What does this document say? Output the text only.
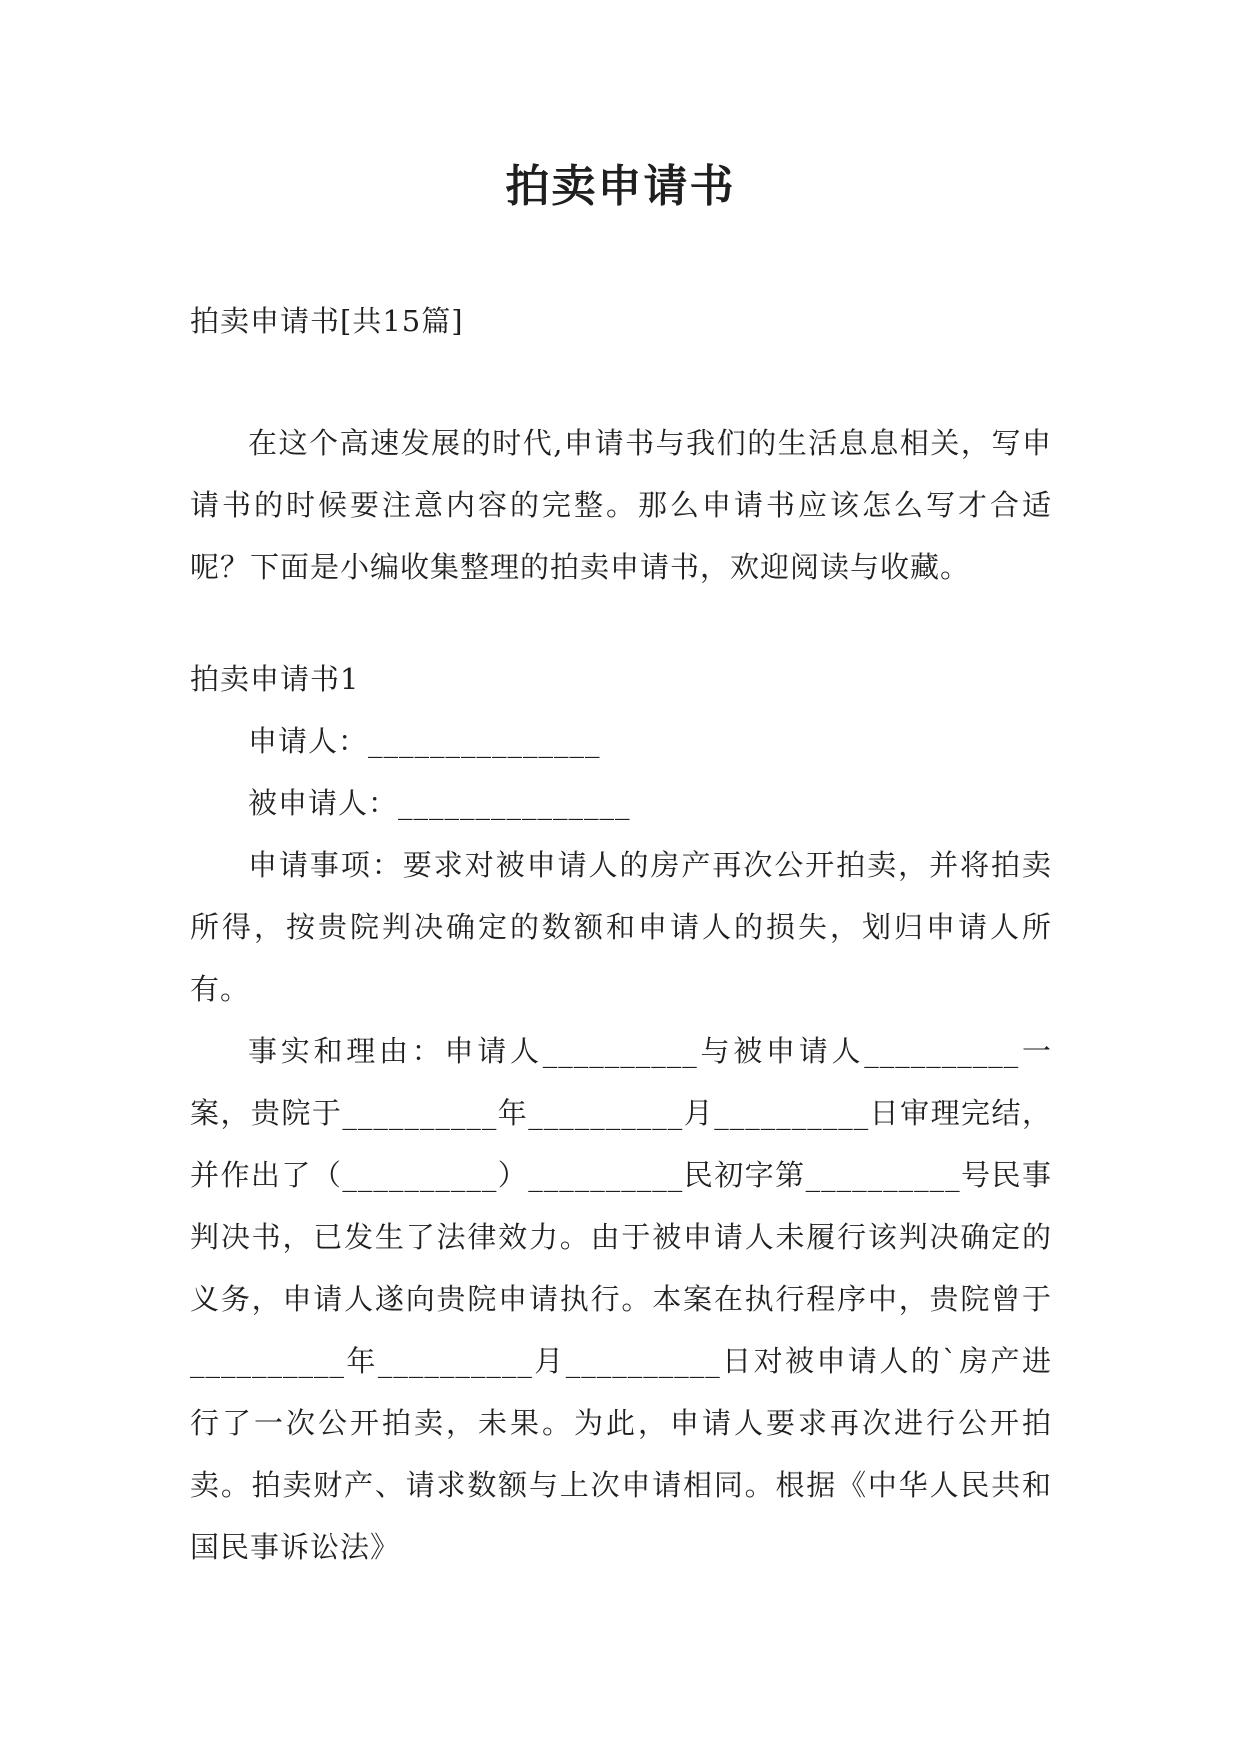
拍卖申请书

拍卖申请书[共15篇]

在这个高速发展的时代,申请书与我们的生活息息相关，写申请书的时候要注意内容的完整。那么申请书应该怎么写才合适呢？下面是小编收集整理的拍卖申请书，欢迎阅读与收藏。

拍卖申请书1

申请人：_______________

被申请人：_______________

申请事项：要求对被申请人的房产再次公开拍卖，并将拍卖所得，按贵院判决确定的数额和申请人的损失，划归申请人所有。

事实和理由：申请人__________与被申请人__________一案，贵院于__________年__________月__________日审理完结，并作出了（__________）__________民初字第__________号民事判决书，已发生了法律效力。由于被申请人未履行该判决确定的义务，申请人遂向贵院申请执行。本案在执行程序中，贵院曾于__________年__________月__________日对被申请人的`房产进行了一次公开拍卖，未果。为此，申请人要求再次进行公开拍卖。拍卖财产、请求数额与上次申请相同。根据《中华人民共和国民事诉讼法》
